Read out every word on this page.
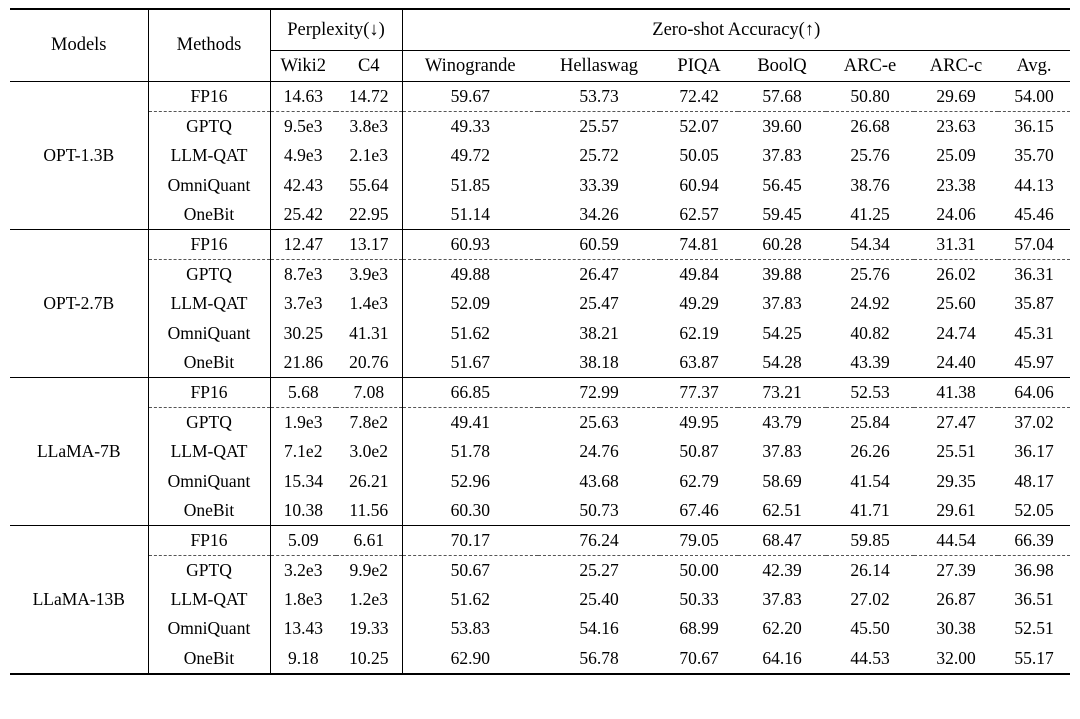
Models	Methods	Perplexity(↓)		Zero-shot Accuracy(↑)						
		Wiki2	C4	Winogrande	Hellaswag	PIQA	BoolQ	ARC-e	ARC-c	Avg.
OPT-1.3B	FP16	14.63	14.72	59.67	53.73	72.42	57.68	50.80	29.69	54.00

	GPTQ	9.5e3	3.8e3	49.33	25.57	52.07	39.60	26.68	23.63	36.15
	LLM-QAT	4.9e3	2.1e3	49.72	25.72	50.05	37.83	25.76	25.09	35.70
	OmniQuant	42.43	55.64	51.85	33.39	60.94	56.45	38.76	23.38	44.13
	OneBit	25.42	22.95	51.14	34.26	62.57	59.45	41.25	24.06	45.46

OPT-2.7B	FP16	12.47	13.17	60.93	60.59	74.81	60.28	54.34	31.31	57.04

	GPTQ	8.7e3	3.9e3	49.88	26.47	49.84	39.88	25.76	26.02	36.31
	LLM-QAT	3.7e3	1.4e3	52.09	25.47	49.29	37.83	24.92	25.60	35.87
	OmniQuant	30.25	41.31	51.62	38.21	62.19	54.25	40.82	24.74	45.31
	OneBit	21.86	20.76	51.67	38.18	63.87	54.28	43.39	24.40	45.97

LLaMA-7B	FP16	5.68	7.08	66.85	72.99	77.37	73.21	52.53	41.38	64.06

	GPTQ	1.9e3	7.8e2	49.41	25.63	49.95	43.79	25.84	27.47	37.02
	LLM-QAT	7.1e2	3.0e2	51.78	24.76	50.87	37.83	26.26	25.51	36.17
	OmniQuant	15.34	26.21	52.96	43.68	62.79	58.69	41.54	29.35	48.17
	OneBit	10.38	11.56	60.30	50.73	67.46	62.51	41.71	29.61	52.05

LLaMA-13B	FP16	5.09	6.61	70.17	76.24	79.05	68.47	59.85	44.54	66.39

	GPTQ	3.2e3	9.9e2	50.67	25.27	50.00	42.39	26.14	27.39	36.98
	LLM-QAT	1.8e3	1.2e3	51.62	25.40	50.33	37.83	27.02	26.87	36.51
	OmniQuant	13.43	19.33	53.83	54.16	68.99	62.20	45.50	30.38	52.51
	OneBit	9.18	10.25	62.90	56.78	70.67	64.16	44.53	32.00	55.17
